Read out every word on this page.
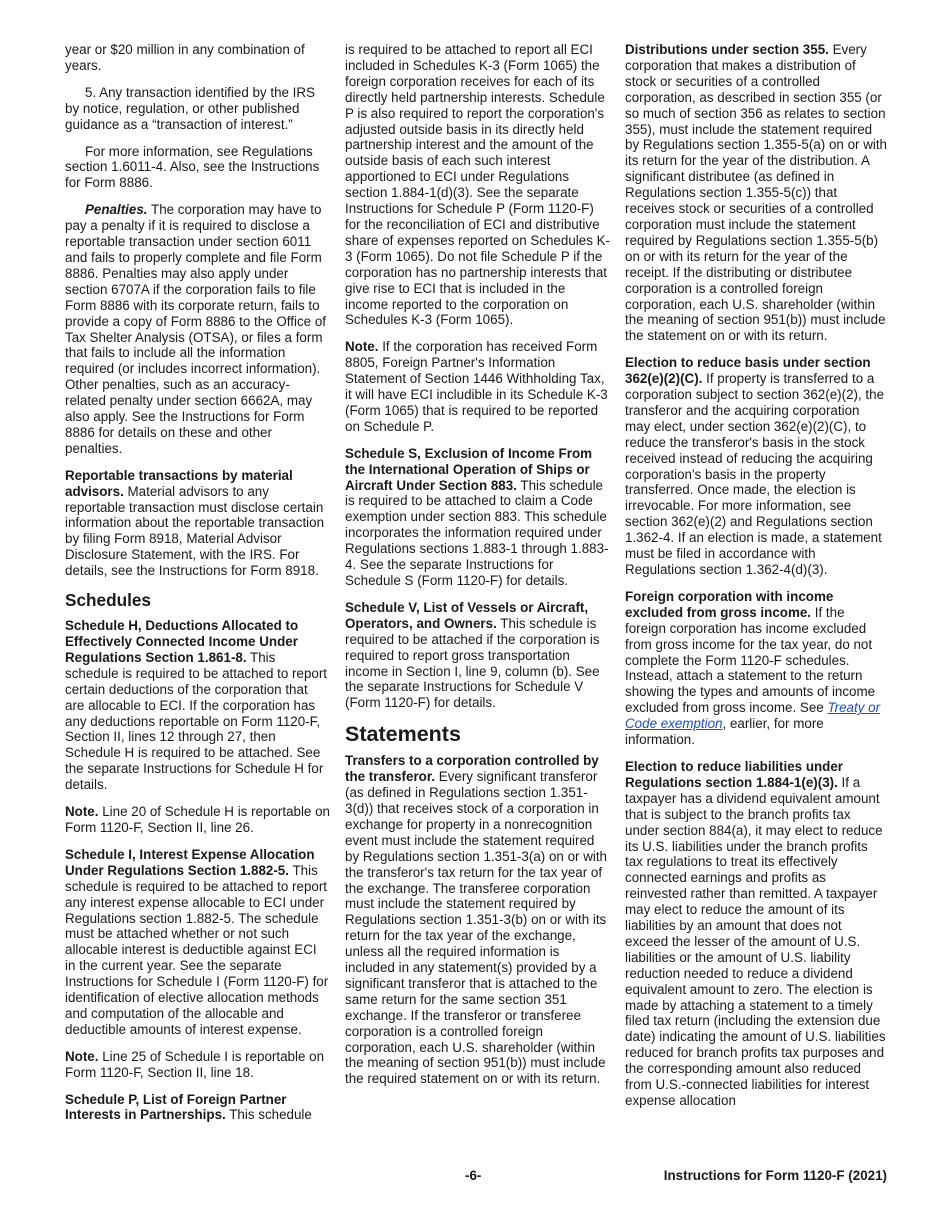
year or $20 million in any combination of years.

5. Any transaction identified by the IRS by notice, regulation, or other published guidance as a “transaction of interest.”

For more information, see Regulations section 1.6011-4. Also, see the Instructions for Form 8886.

Penalties. The corporation may have to pay a penalty if it is required to disclose a reportable transaction under section 6011 and fails to properly complete and file Form 8886. Penalties may also apply under section 6707A if the corporation fails to file Form 8886 with its corporate return, fails to provide a copy of Form 8886 to the Office of Tax Shelter Analysis (OTSA), or files a form that fails to include all the information required (or includes incorrect information). Other penalties, such as an accuracy-related penalty under section 6662A, may also apply. See the Instructions for Form 8886 for details on these and other penalties.

Reportable transactions by material advisors. Material advisors to any reportable transaction must disclose certain information about the reportable transaction by filing Form 8918, Material Advisor Disclosure Statement, with the IRS. For details, see the Instructions for Form 8918.

Schedules

Schedule H, Deductions Allocated to Effectively Connected Income Under Regulations Section 1.861-8. This schedule is required to be attached to report certain deductions of the corporation that are allocable to ECI. If the corporation has any deductions reportable on Form 1120-F, Section II, lines 12 through 27, then Schedule H is required to be attached. See the separate Instructions for Schedule H for details.

Note. Line 20 of Schedule H is reportable on Form 1120-F, Section II, line 26.

Schedule I, Interest Expense Allocation Under Regulations Section 1.882-5. This schedule is required to be attached to report any interest expense allocable to ECI under Regulations section 1.882-5. The schedule must be attached whether or not such allocable interest is deductible against ECI in the current year. See the separate Instructions for Schedule I (Form 1120-F) for identification of elective allocation methods and computation of the allocable and deductible amounts of interest expense.

Note. Line 25 of Schedule I is reportable on Form 1120-F, Section II, line 18.

Schedule P, List of Foreign Partner Interests in Partnerships. This schedule

is required to be attached to report all ECI included in Schedules K-3 (Form 1065) the foreign corporation receives for each of its directly held partnership interests. Schedule P is also required to report the corporation's adjusted outside basis in its directly held partnership interest and the amount of the outside basis of each such interest apportioned to ECI under Regulations section 1.884-1(d)(3). See the separate Instructions for Schedule P (Form 1120-F) for the reconciliation of ECI and distributive share of expenses reported on Schedules K-3 (Form 1065). Do not file Schedule P if the corporation has no partnership interests that give rise to ECI that is included in the income reported to the corporation on Schedules K-3 (Form 1065).

Note. If the corporation has received Form 8805, Foreign Partner's Information Statement of Section 1446 Withholding Tax, it will have ECI includible in its Schedule K-3 (Form 1065) that is required to be reported on Schedule P.

Schedule S, Exclusion of Income From the International Operation of Ships or Aircraft Under Section 883. This schedule is required to be attached to claim a Code exemption under section 883. This schedule incorporates the information required under Regulations sections 1.883-1 through 1.883-4. See the separate Instructions for Schedule S (Form 1120-F) for details.

Schedule V, List of Vessels or Aircraft, Operators, and Owners. This schedule is required to be attached if the corporation is required to report gross transportation income in Section I, line 9, column (b). See the separate Instructions for Schedule V (Form 1120-F) for details.

Statements

Transfers to a corporation controlled by the transferor. Every significant transferor (as defined in Regulations section 1.351-3(d)) that receives stock of a corporation in exchange for property in a nonrecognition event must include the statement required by Regulations section 1.351-3(a) on or with the transferor's tax return for the tax year of the exchange. The transferee corporation must include the statement required by Regulations section 1.351-3(b) on or with its return for the tax year of the exchange, unless all the required information is included in any statement(s) provided by a significant transferor that is attached to the same return for the same section 351 exchange. If the transferor or transferee corporation is a controlled foreign corporation, each U.S. shareholder (within the meaning of section 951(b)) must include the required statement on or with its return.

Distributions under section 355. Every corporation that makes a distribution of stock or securities of a controlled corporation, as described in section 355 (or so much of section 356 as relates to section 355), must include the statement required by Regulations section 1.355-5(a) on or with its return for the year of the distribution. A significant distributee (as defined in Regulations section 1.355-5(c)) that receives stock or securities of a controlled corporation must include the statement required by Regulations section 1.355-5(b) on or with its return for the year of the receipt. If the distributing or distributee corporation is a controlled foreign corporation, each U.S. shareholder (within the meaning of section 951(b)) must include the statement on or with its return.

Election to reduce basis under section 362(e)(2)(C). If property is transferred to a corporation subject to section 362(e)(2), the transferor and the acquiring corporation may elect, under section 362(e)(2)(C), to reduce the transferor's basis in the stock received instead of reducing the acquiring corporation's basis in the property transferred. Once made, the election is irrevocable. For more information, see section 362(e)(2) and Regulations section 1.362-4. If an election is made, a statement must be filed in accordance with Regulations section 1.362-4(d)(3).

Foreign corporation with income excluded from gross income. If the foreign corporation has income excluded from gross income for the tax year, do not complete the Form 1120-F schedules. Instead, attach a statement to the return showing the types and amounts of income excluded from gross income. See Treaty or Code exemption, earlier, for more information.

Election to reduce liabilities under Regulations section 1.884-1(e)(3). If a taxpayer has a dividend equivalent amount that is subject to the branch profits tax under section 884(a), it may elect to reduce its U.S. liabilities under the branch profits tax regulations to treat its effectively connected earnings and profits as reinvested rather than remitted. A taxpayer may elect to reduce the amount of its liabilities by an amount that does not exceed the lesser of the amount of U.S. liabilities or the amount of U.S. liability reduction needed to reduce a dividend equivalent amount to zero. The election is made by attaching a statement to a timely filed tax return (including the extension due date) indicating the amount of U.S. liabilities reduced for branch profits tax purposes and the corresponding amount also reduced from U.S.-connected liabilities for interest expense allocation

-6-	Instructions for Form 1120-F (2021)
